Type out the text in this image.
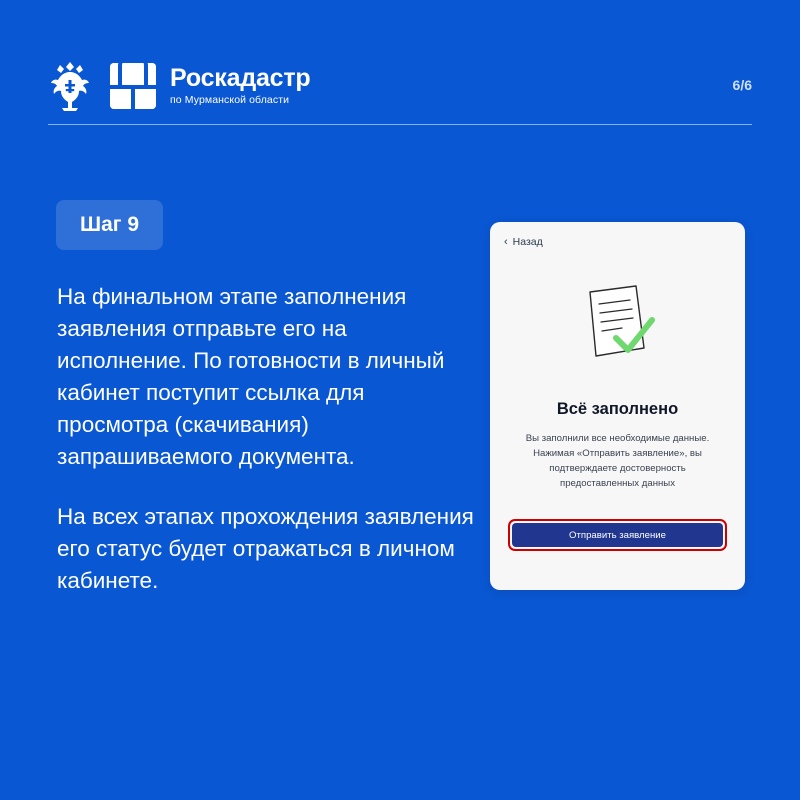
Роскадастр
по Мурманской области
6/6
Шаг 9

На финальном этапе заполнения заявления отправьте его на исполнение. По готовности в личный кабинет поступит ссылка для просмотра (скачивания) запрашиваемого документа.

На всех этапах прохождения заявления его статус будет отражаться в личном кабинете.

‹ Назад
Всё заполнено
Вы заполнили все необходимые данные. Нажимая «Отправить заявление», вы подтверждаете достоверность предоставленных данных
Отправить заявление
